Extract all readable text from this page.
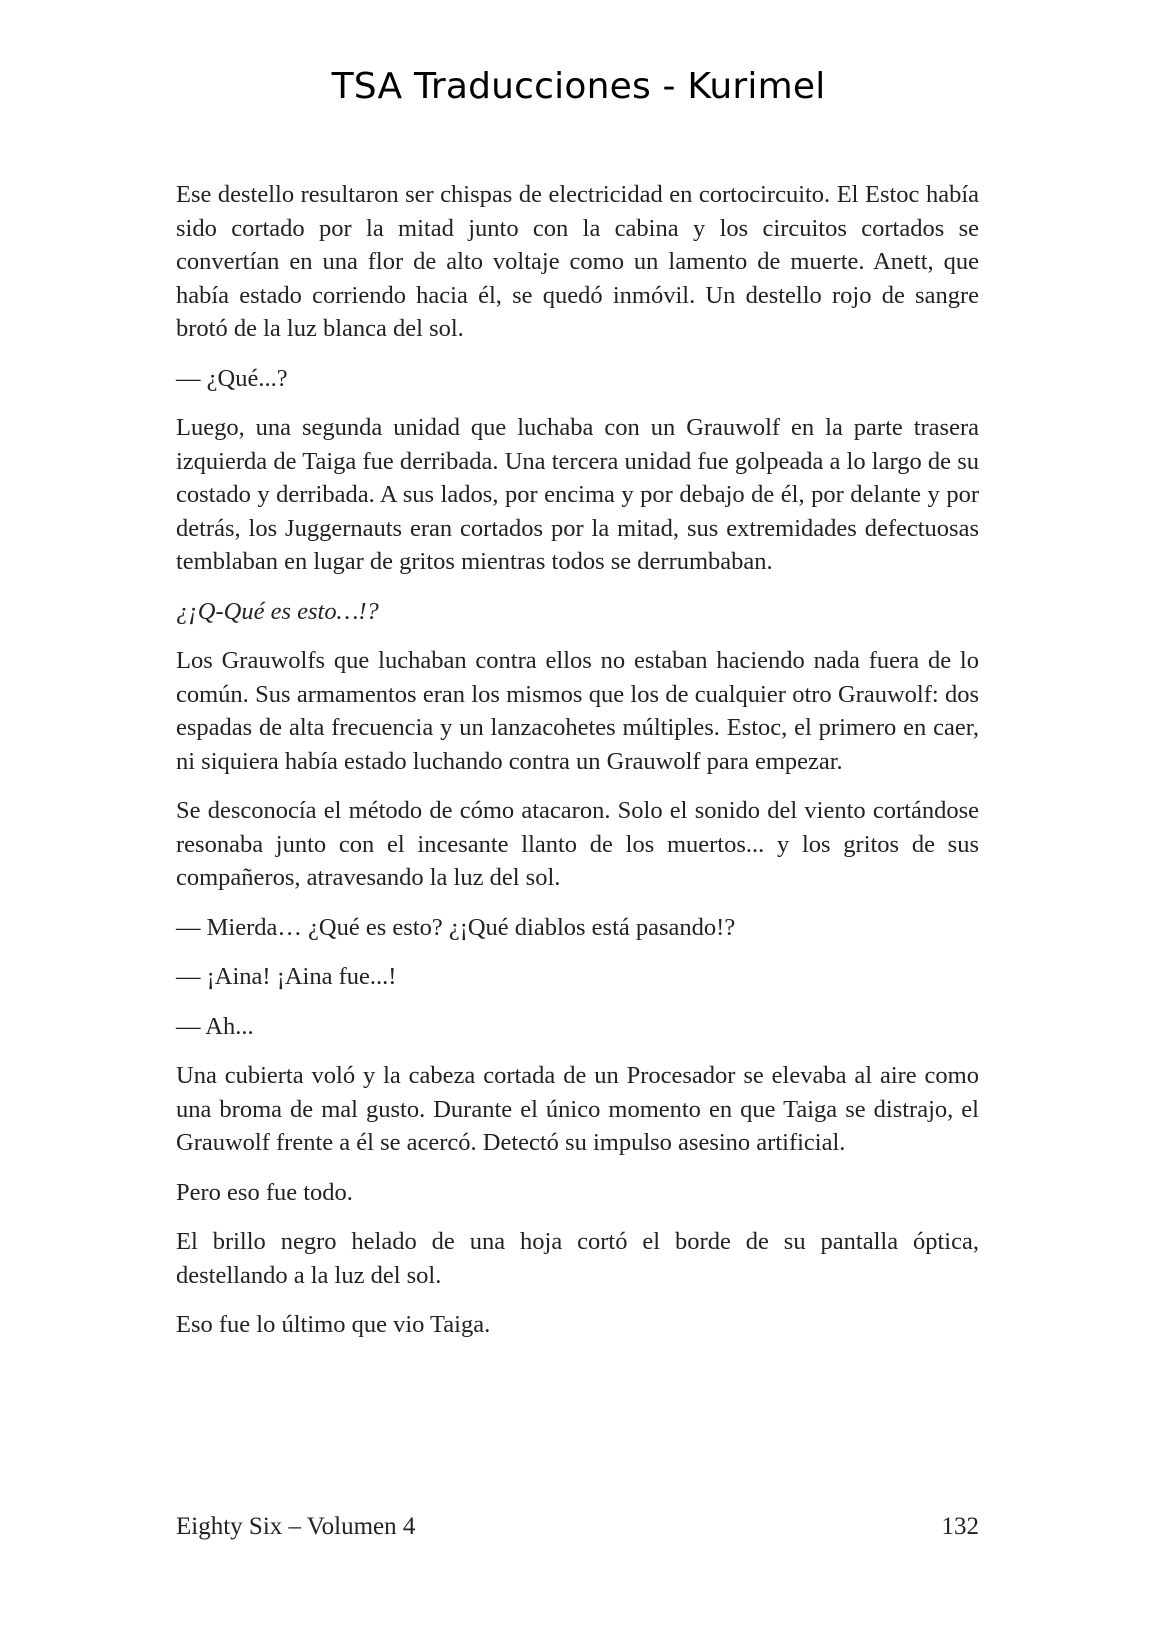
TSA Traducciones - Kurimel

Ese destello resultaron ser chispas de electricidad en cortocircuito. El Estoc había sido cortado por la mitad junto con la cabina y los circuitos cortados se convertían en una flor de alto voltaje como un lamento de muerte. Anett, que había estado corriendo hacia él, se quedó inmóvil. Un destello rojo de sangre brotó de la luz blanca del sol.

— ¿Qué...?

Luego, una segunda unidad que luchaba con un Grauwolf en la parte trasera izquierda de Taiga fue derribada. Una tercera unidad fue golpeada a lo largo de su costado y derribada. A sus lados, por encima y por debajo de él, por delante y por detrás, los Juggernauts eran cortados por la mitad, sus extremidades defectuosas temblaban en lugar de gritos mientras todos se derrumbaban.

¿¡Q-Qué es esto…!?

Los Grauwolfs que luchaban contra ellos no estaban haciendo nada fuera de lo común. Sus armamentos eran los mismos que los de cualquier otro Grauwolf: dos espadas de alta frecuencia y un lanzacohetes múltiples. Estoc, el primero en caer, ni siquiera había estado luchando contra un Grauwolf para empezar.

Se desconocía el método de cómo atacaron. Solo el sonido del viento cortándose resonaba junto con el incesante llanto de los muertos... y los gritos de sus compañeros, atravesando la luz del sol.

— Mierda… ¿Qué es esto? ¿¡Qué diablos está pasando!?

— ¡Aina! ¡Aina fue...!

— Ah...

Una cubierta voló y la cabeza cortada de un Procesador se elevaba al aire como una broma de mal gusto. Durante el único momento en que Taiga se distrajo, el Grauwolf frente a él se acercó. Detectó su impulso asesino artificial.

Pero eso fue todo.

El brillo negro helado de una hoja cortó el borde de su pantalla óptica, destellando a la luz del sol.

Eso fue lo último que vio Taiga.

Eighty Six – Volumen 4	132
